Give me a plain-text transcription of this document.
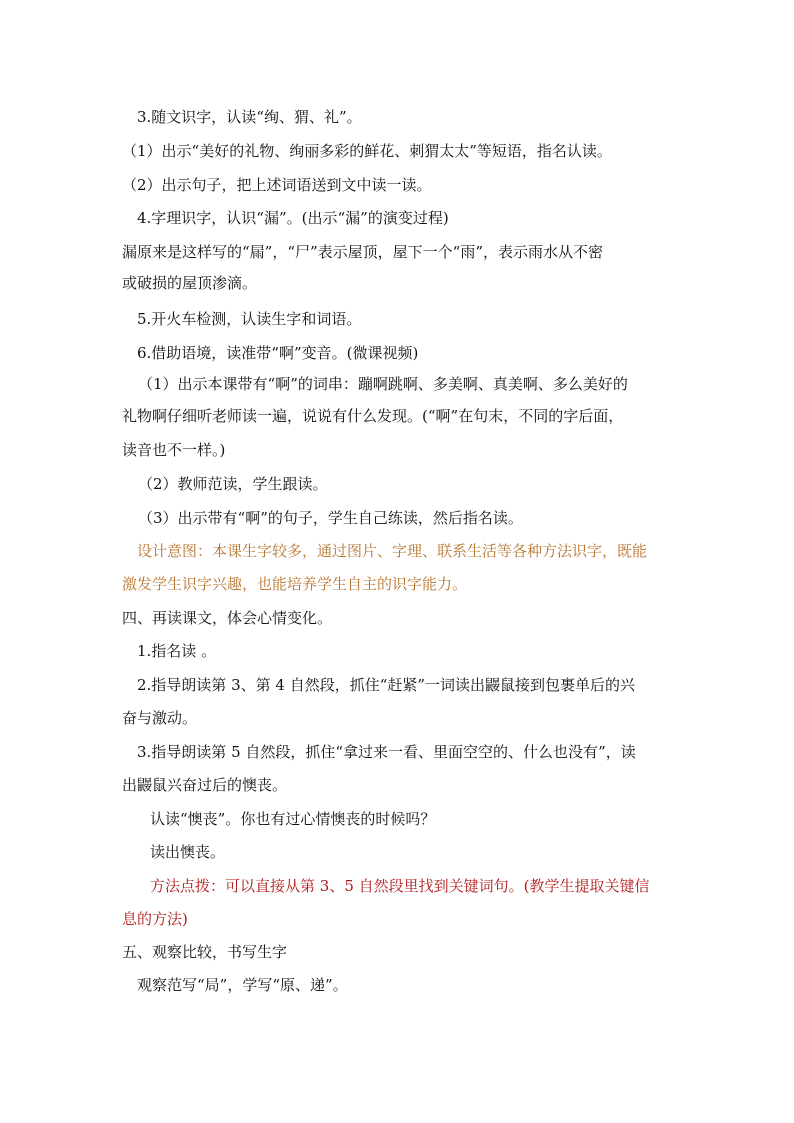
3.随文识字，认读“绚、猬、礼”。
（1）出示“美好的礼物、绚丽多彩的鲜花、刺猬太太”等短语，指名认读。
（2）出示句子，把上述词语送到文中读一读。
4.字理识字，认识“漏”。(出示“漏”的演变过程)
漏原来是这样写的“屚”，“尸”表示屋顶，屋下一个“雨”，表示雨水从不密
或破损的屋顶渗滴。
5.开火车检测，认读生字和词语。
6.借助语境，读准带“啊”变音。(微课视频)
（1）出示本课带有“啊”的词串：蹦啊跳啊、多美啊、真美啊、多么美好的
礼物啊仔细听老师读一遍，说说有什么发现。(“啊”在句末，不同的字后面，
读音也不一样。)
（2）教师范读，学生跟读。
（3）出示带有“啊”的句子，学生自己练读，然后指名读。
设计意图：本课生字较多，通过图片、字理、联系生活等各种方法识字，既能
激发学生识字兴趣，也能培养学生自主的识字能力。
四、再读课文，体会心情变化。
1.指名读 。
2.指导朗读第 3、第 4 自然段，抓住“赶紧”一词读出鼹鼠接到包裹单后的兴
奋与激动。
3.指导朗读第 5 自然段，抓住“拿过来一看、里面空空的、什么也没有”，读
出鼹鼠兴奋过后的懊丧。
认读“懊丧”。你也有过心情懊丧的时候吗？
读出懊丧。
方法点拨：可以直接从第 3、5 自然段里找到关键词句。(教学生提取关键信
息的方法)
五、观察比较，书写生字
观察范写“局”，学写“原、递”。
